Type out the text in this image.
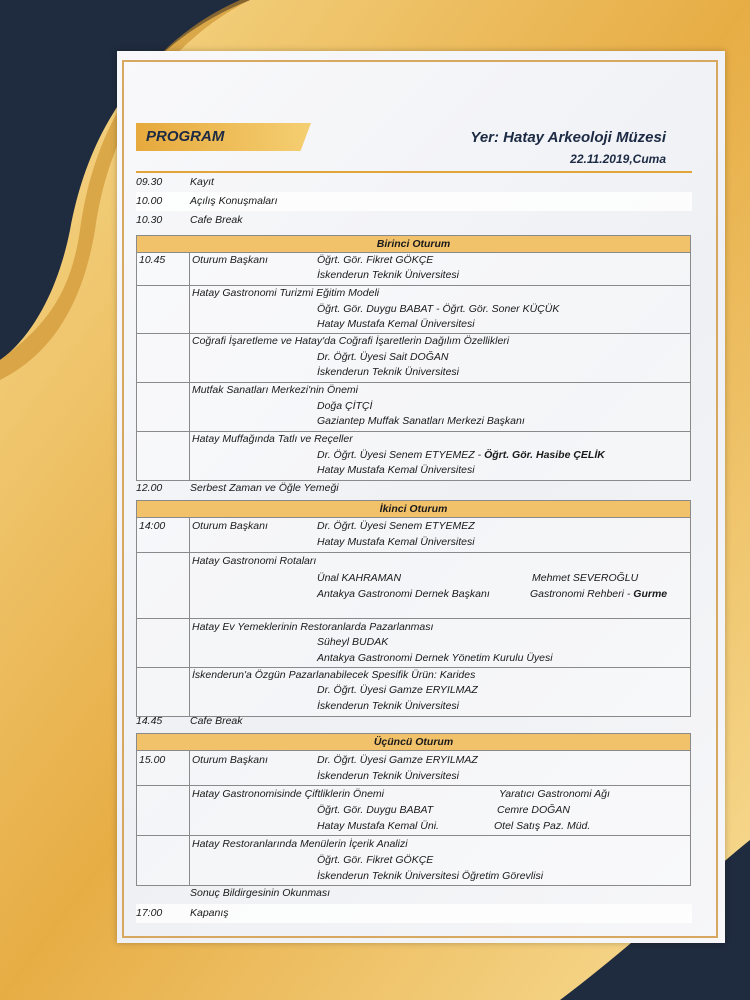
PROGRAM	Yer: Hatay Arkeoloji Müzesi
22.11.2019,Cuma
09.30	Kayıt
10.00	Açılış Konuşmaları
10.30	Cafe Break
Birinci Oturum
10.45	Oturum Başkanı	Öğrt. Gör. Fikret GÖKÇE
İskenderun Teknik Üniversitesi
Hatay Gastronomi Turizmi Eğitim Modeli
Öğrt. Gör. Duygu BABAT - Öğrt. Gör. Soner KÜÇÜK
Hatay Mustafa Kemal Üniversitesi
Coğrafi İşaretleme ve Hatay'da Coğrafi İşaretlerin Dağılım Özellikleri
Dr. Öğrt. Üyesi Sait DOĞAN
İskenderun Teknik Üniversitesi
Mutfak Sanatları Merkezi'nin Önemi
Doğa ÇİTÇİ
Gaziantep Muffak Sanatları Merkezi Başkanı
Hatay Muffağında Tatlı ve Reçeller
Dr. Öğrt. Üyesi Senem ETYEMEZ - Öğrt. Gör. Hasibe ÇELİK
Hatay Mustafa Kemal Üniversitesi
12.00	Serbest Zaman ve Öğle Yemeği
İkinci Oturum
14:00	Oturum Başkanı	Dr. Öğrt. Üyesi Senem ETYEMEZ
Hatay Mustafa Kemal Üniversitesi
Hatay Gastronomi Rotaları
Ünal KAHRAMAN	Mehmet SEVEROĞLU
Antakya Gastronomi Dernek Başkanı	Gastronomi Rehberi - Gurme
Hatay Ev Yemeklerinin Restoranlarda Pazarlanması
Süheyl BUDAK
Antakya Gastronomi Dernek Yönetim Kurulu Üyesi
İskenderun'a Özgün Pazarlanabilecek Spesifik Ürün: Karides
Dr. Öğrt. Üyesi Gamze ERYILMAZ
İskenderun Teknik Üniversitesi
14.45	Cafe Break
Üçüncü Oturum
15.00	Oturum Başkanı	Dr. Öğrt. Üyesi Gamze ERYILMAZ
İskenderun Teknik Üniversitesi
Hatay Gastronomisinde Çiftliklerin Önemi	Yaratıcı Gastronomi Ağı
Öğrt. Gör. Duygu BABAT	Cemre DOĞAN
Hatay Mustafa Kemal Üni.	Otel Satış Paz. Müd.
Hatay Restoranlarında Menülerin İçerik Analizi
Öğrt. Gör. Fikret GÖKÇE
İskenderun Teknik Üniversitesi Öğretim Görevlisi
Sonuç Bildirgesinin Okunması
17:00	Kapanış
